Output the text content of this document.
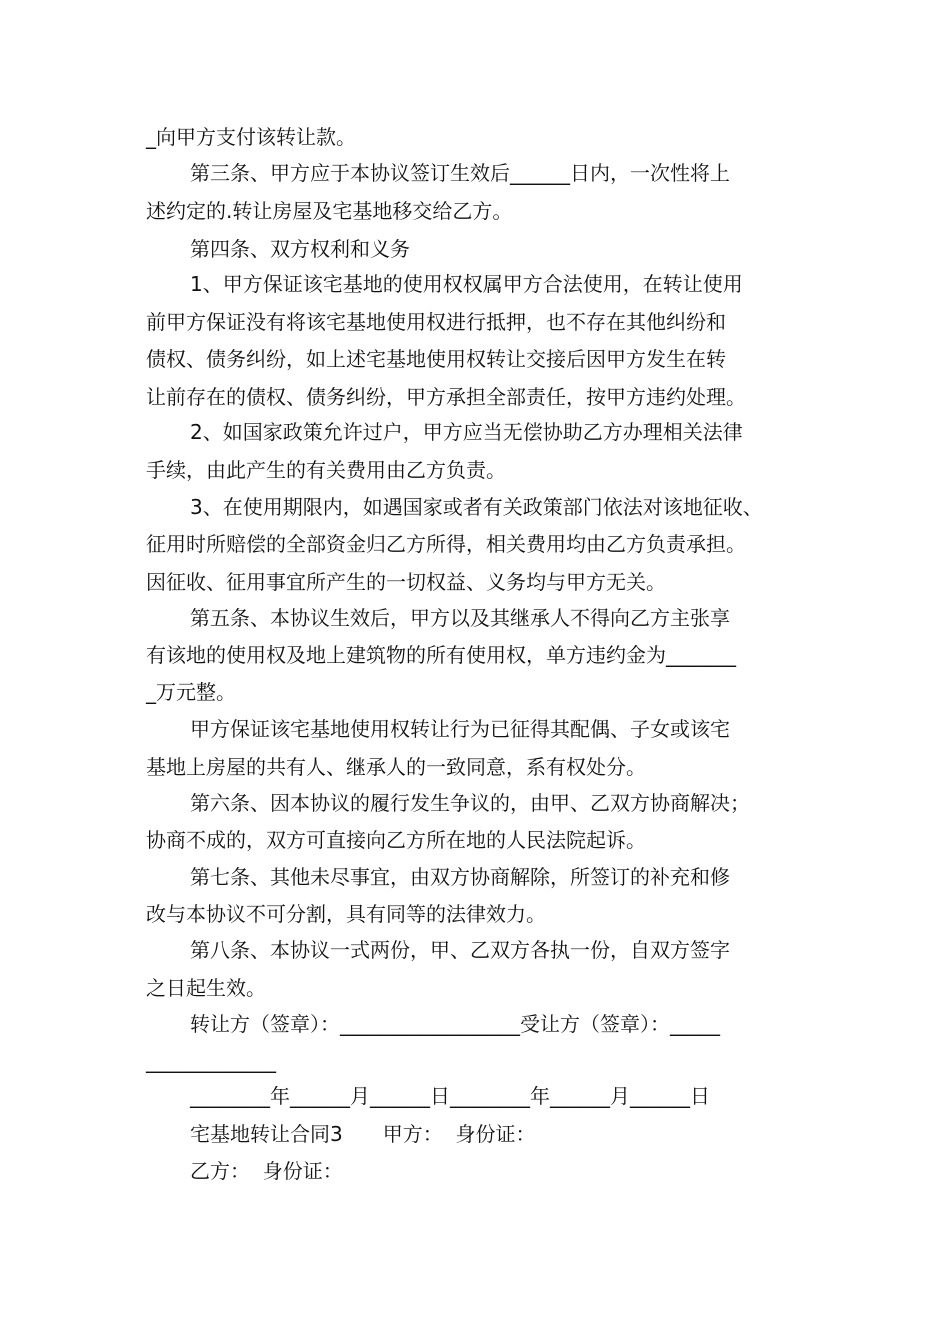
_向甲方支付该转让款。
第三条、甲方应于本协议签订生效后______日内，一次性将上
述约定的.转让房屋及宅基地移交给乙方。
第四条、双方权利和义务
1、甲方保证该宅基地的使用权权属甲方合法使用，在转让使用
前甲方保证没有将该宅基地使用权进行抵押，也不存在其他纠纷和
债权、债务纠纷，如上述宅基地使用权转让交接后因甲方发生在转
让前存在的债权、债务纠纷，甲方承担全部责任，按甲方违约处理。
2、如国家政策允许过户，甲方应当无偿协助乙方办理相关法律
手续，由此产生的有关费用由乙方负责。
3、在使用期限内，如遇国家或者有关政策部门依法对该地征收、
征用时所赔偿的全部资金归乙方所得，相关费用均由乙方负责承担。
因征收、征用事宜所产生的一切权益、义务均与甲方无关。
第五条、本协议生效后，甲方以及其继承人不得向乙方主张享
有该地的使用权及地上建筑物的所有使用权，单方违约金为_______
_万元整。
甲方保证该宅基地使用权转让行为已征得其配偶、子女或该宅
基地上房屋的共有人、继承人的一致同意，系有权处分。
第六条、因本协议的履行发生争议的，由甲、乙双方协商解决；
协商不成的，双方可直接向乙方所在地的人民法院起诉。
第七条、其他未尽事宜，由双方协商解除，所签订的补充和修
改与本协议不可分割，具有同等的法律效力。
第八条、本协议一式两份，甲、乙双方各执一份，自双方签字
之日起生效。
转让方（签章）：__________________受让方（签章）：_____
_____________
________年______月______日________年______月______日
宅基地转让合同3　　甲方：  身份证：
乙方：  身份证：
